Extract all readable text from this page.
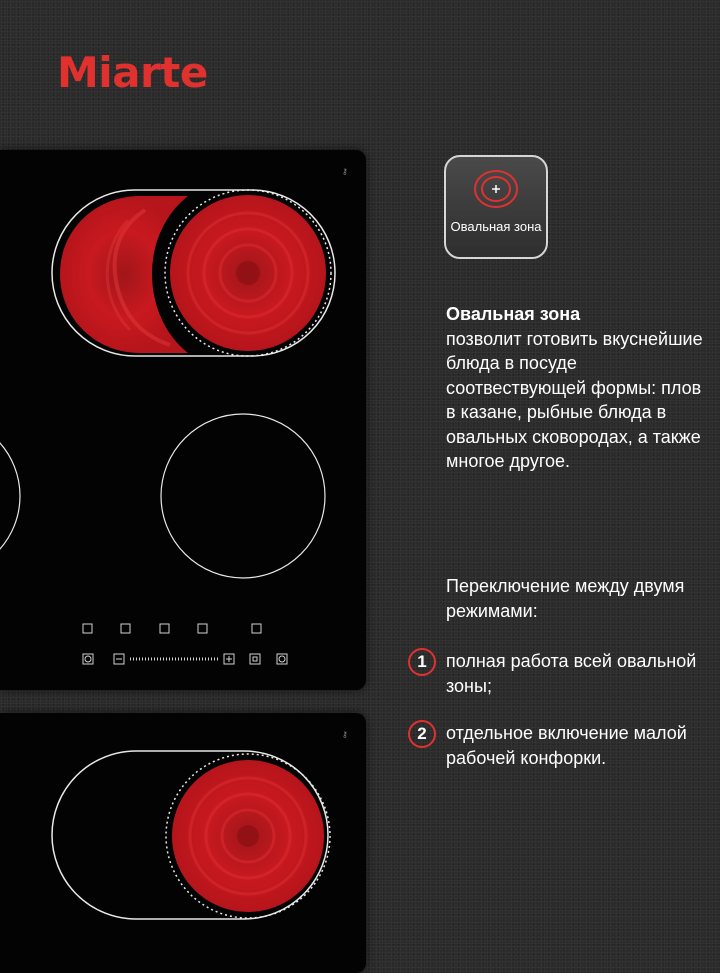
Miarte
⚷
⚷
Овальная зона
Овальная зона
позволит готовить вкуснейшие блюда в посуде соотвествующей формы: плов в казане, рыбные блюда в овальных сковородах, а также многое другое.
Переключение между двумя режимами:
1	полная работа всей овальной зоны;
2	отдельное включение малой рабочей конфорки.
